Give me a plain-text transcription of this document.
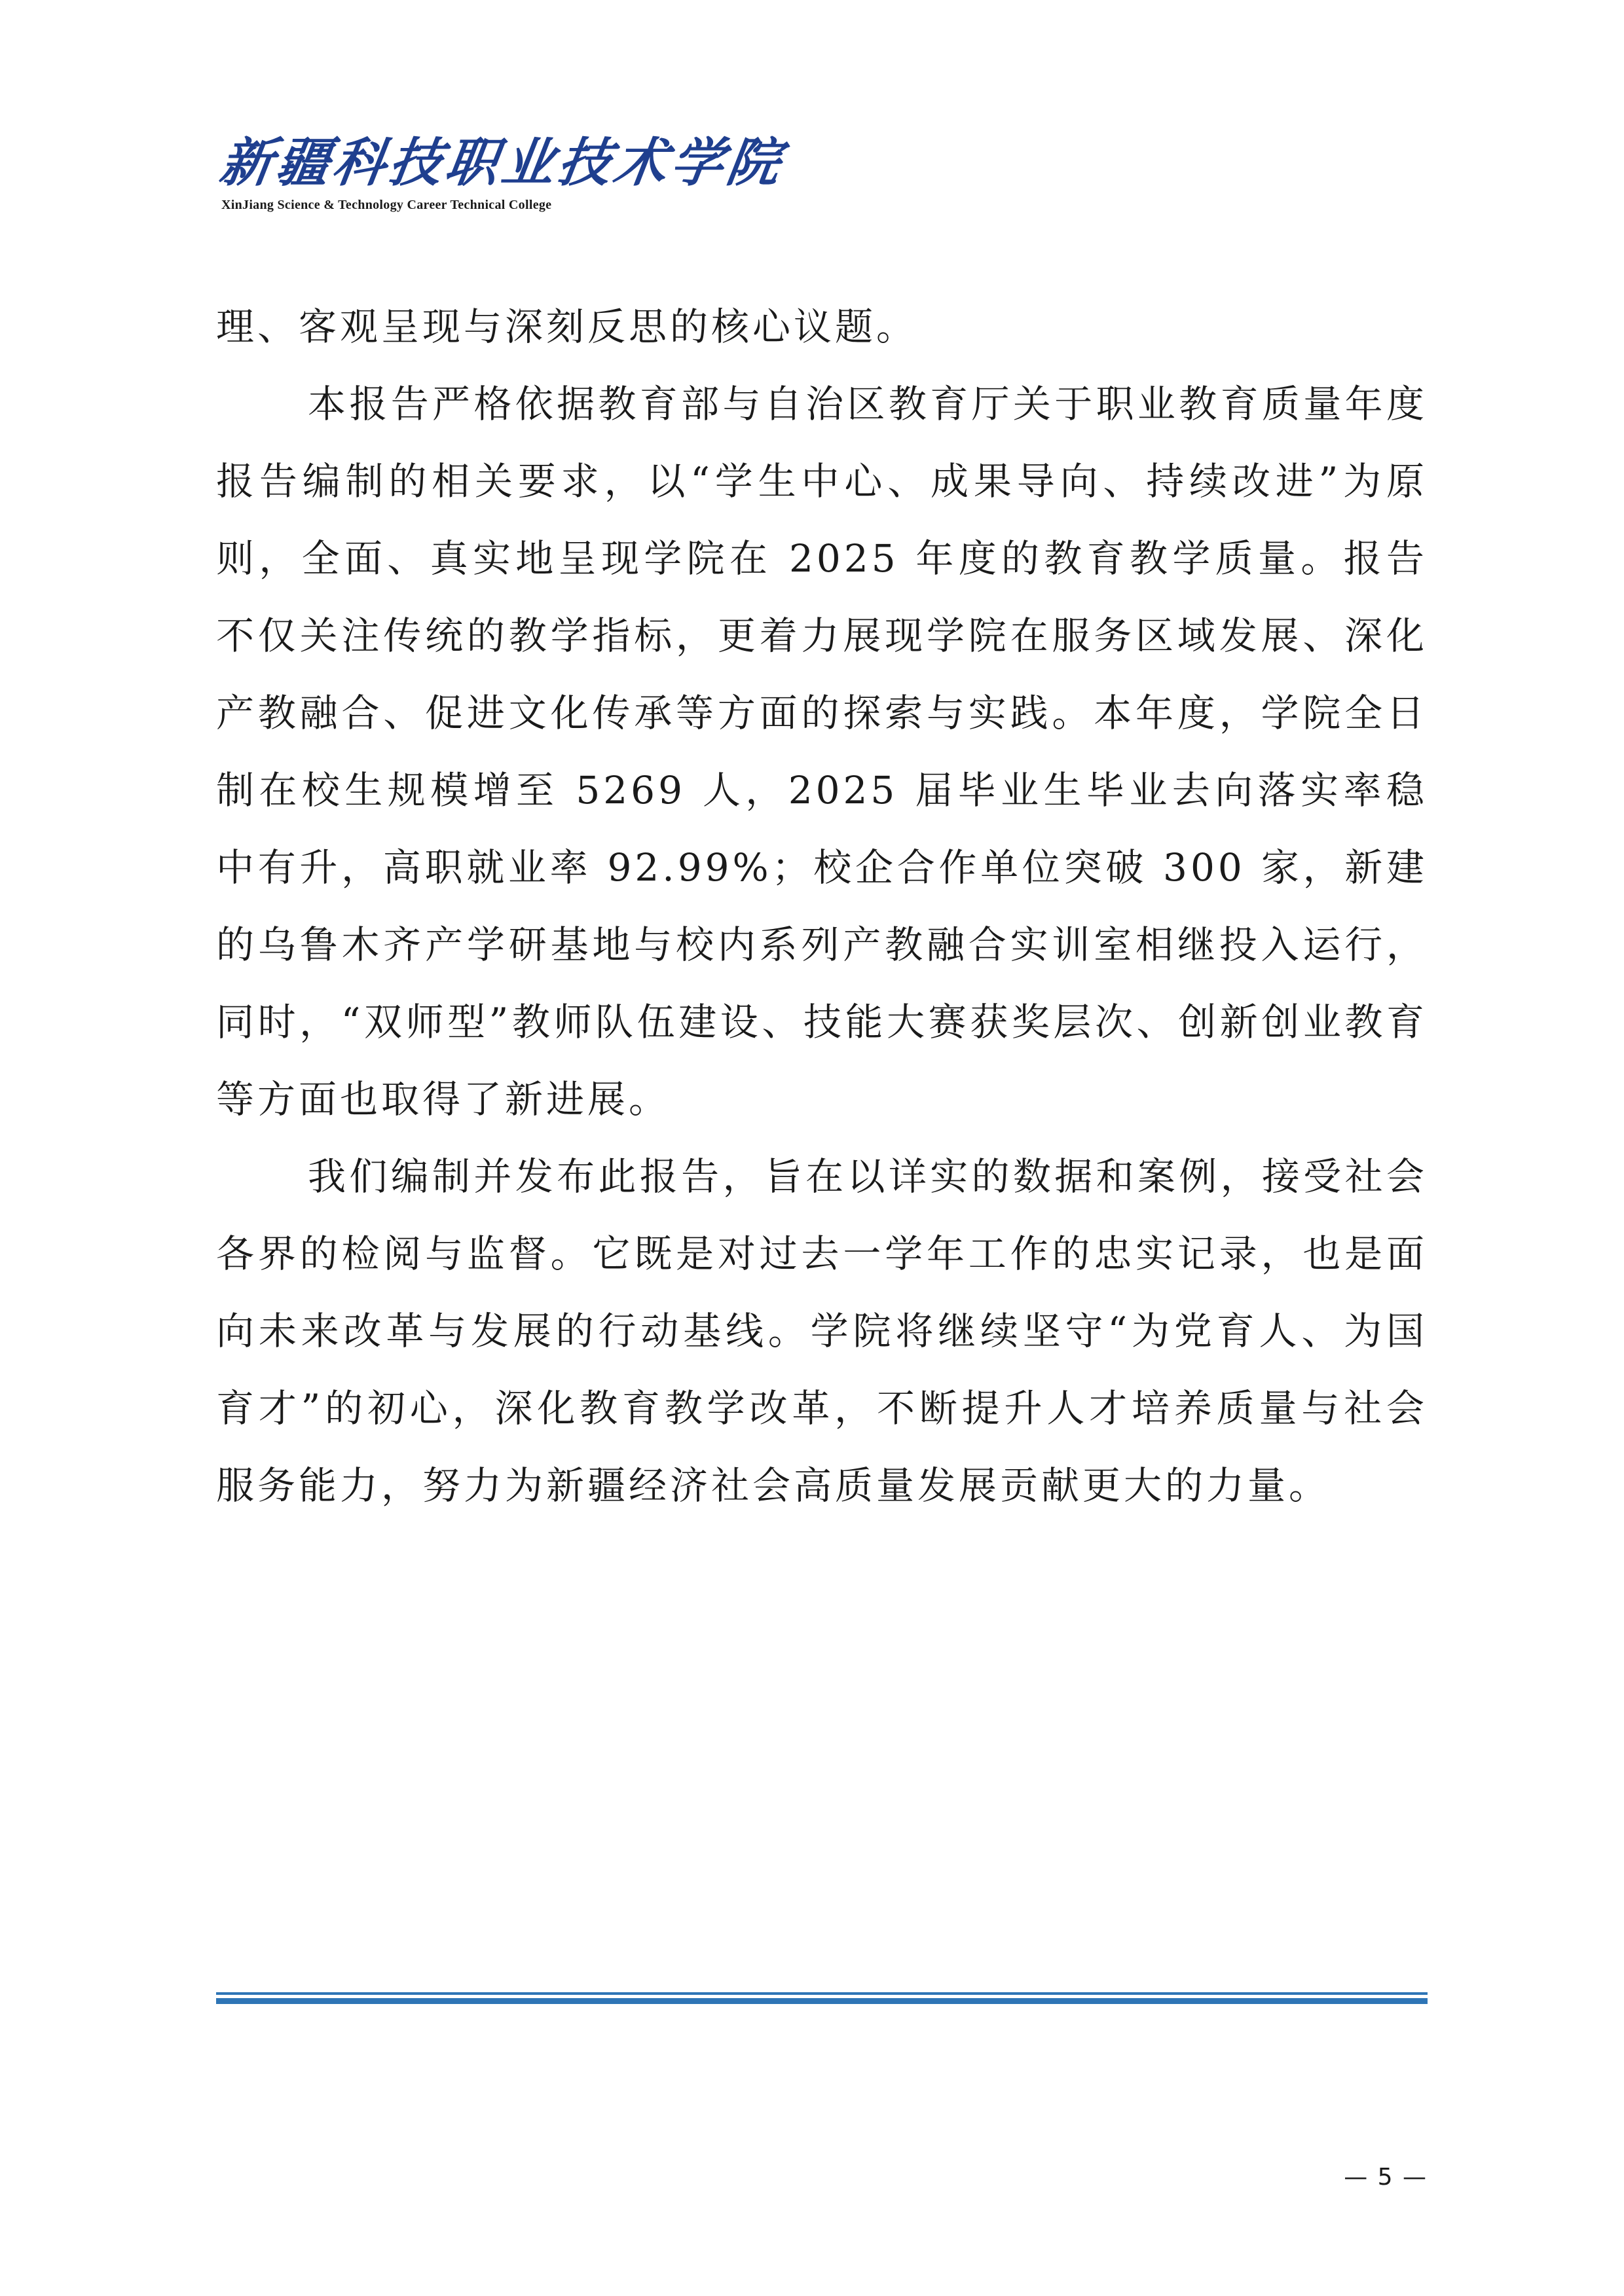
新疆科技职业技术学院
XinJiang Science & Technology Career Technical College

理、客观呈现与深刻反思的核心议题。

本报告严格依据教育部与自治区教育厅关于职业教育质量年度报告编制的相关要求，以“学生中心、成果导向、持续改进”为原则，全面、真实地呈现学院在 2025 年度的教育教学质量。报告不仅关注传统的教学指标，更着力展现学院在服务区域发展、深化产教融合、促进文化传承等方面的探索与实践。本年度，学院全日制在校生规模增至 5269 人，2025 届毕业生毕业去向落实率稳中有升，高职就业率 92.99%；校企合作单位突破 300 家，新建的乌鲁木齐产学研基地与校内系列产教融合实训室相继投入运行，同时，“双师型”教师队伍建设、技能大赛获奖层次、创新创业教育等方面也取得了新进展。

我们编制并发布此报告，旨在以详实的数据和案例，接受社会各界的检阅与监督。它既是对过去一学年工作的忠实记录，也是面向未来改革与发展的行动基线。学院将继续坚守“为党育人、为国育才”的初心，深化教育教学改革，不断提升人才培养质量与社会服务能力，努力为新疆经济社会高质量发展贡献更大的力量。

— 5 —
